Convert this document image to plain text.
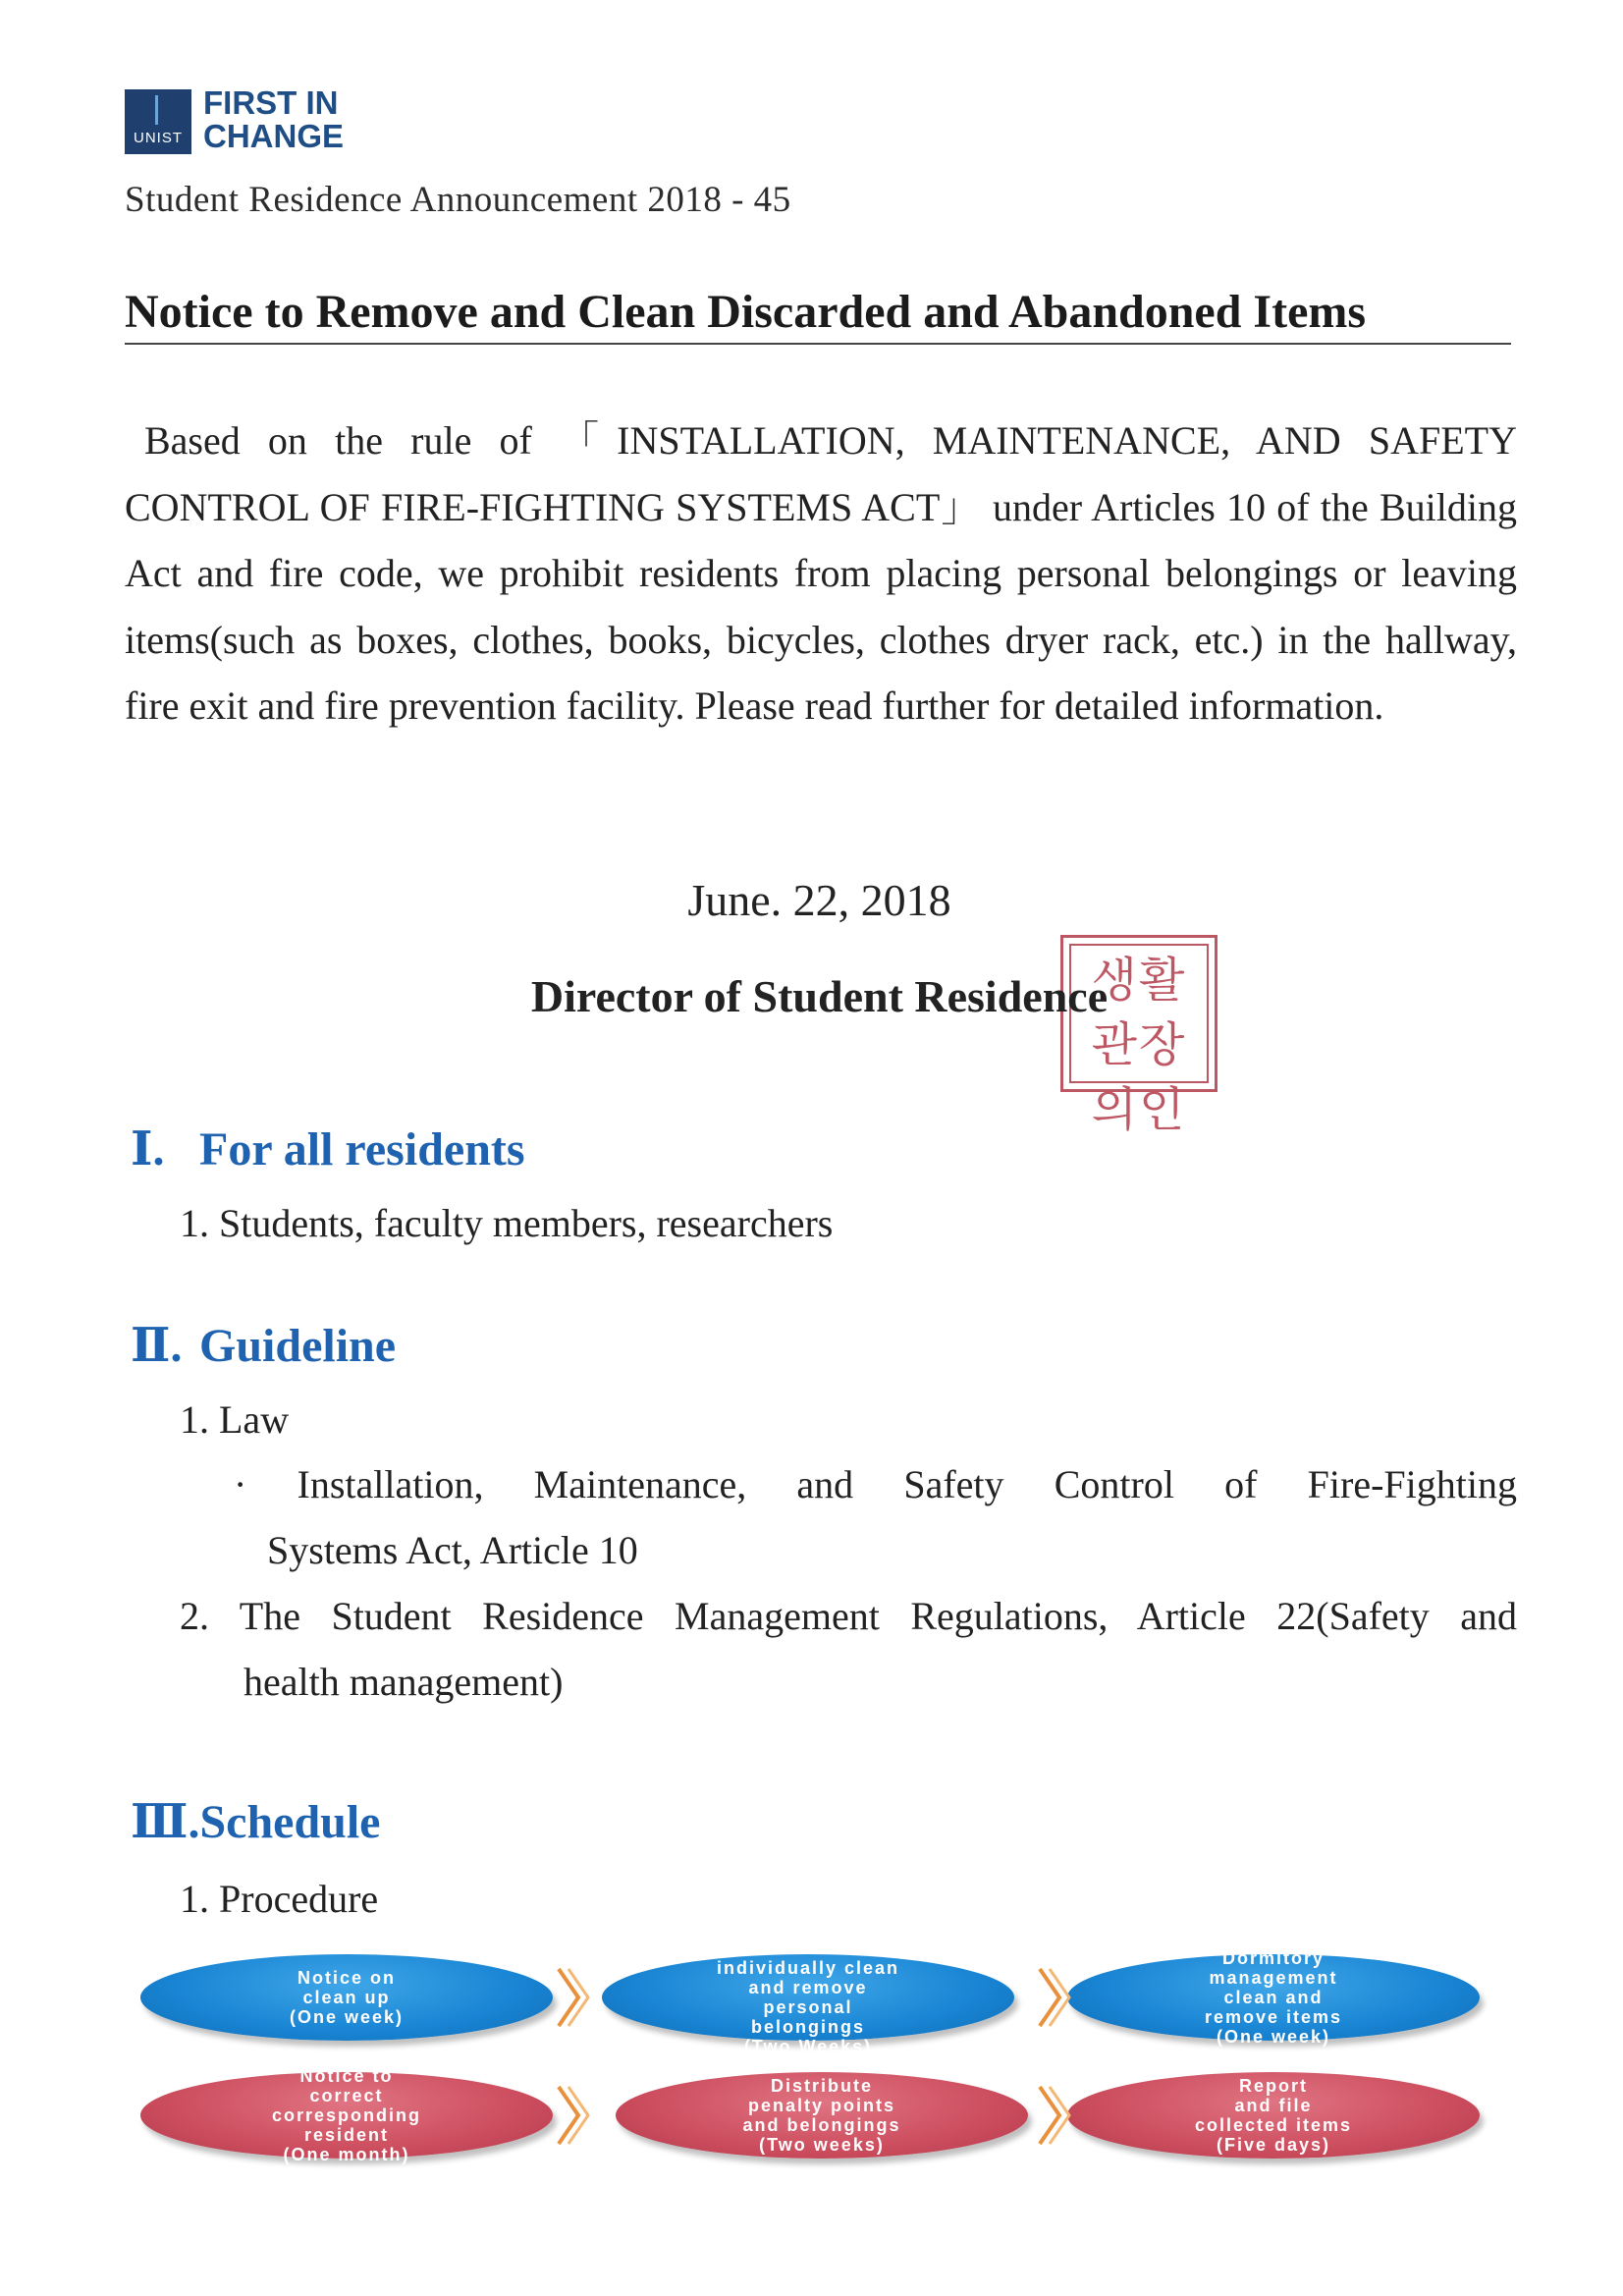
UNIST
FIRST IN
CHANGE
Student Residence Announcement 2018 - 45
Notice to Remove and Clean Discarded and Abandoned Items
Based on the rule of 「INSTALLATION, MAINTENANCE, AND SAFETY CONTROL OF FIRE-FIGHTING SYSTEMS ACT」 under Articles 10 of the Building Act and fire code, we prohibit residents from placing personal belongings or leaving items(such as boxes, clothes, books, bicycles, clothes dryer rack, etc.) in the hallway, fire exit and fire prevention facility. Please read further for detailed information.
June. 22, 2018
생활관장의인
Director of Student Residence
Ⅰ. For all residents
1. Students, faculty members, researchers
Ⅱ. Guideline
1. Law
· Installation, Maintenance, and Safety Control of Fire-Fighting
Systems Act, Article 10
2. The Student Residence Management Regulations, Article 22(Safety and
health management)
Ⅲ.Schedule
1. Procedure
Notice on
clean up
(One week)
Residents
individually clean
and remove
personal
belongings
(Two Weeks)
Dormitory
management
clean and
remove items
(One week)
Notice to
correct
corresponding
resident
(One month)
Distribute
penalty points
and belongings
(Two weeks)
Report
and file
collected items
(Five days)
